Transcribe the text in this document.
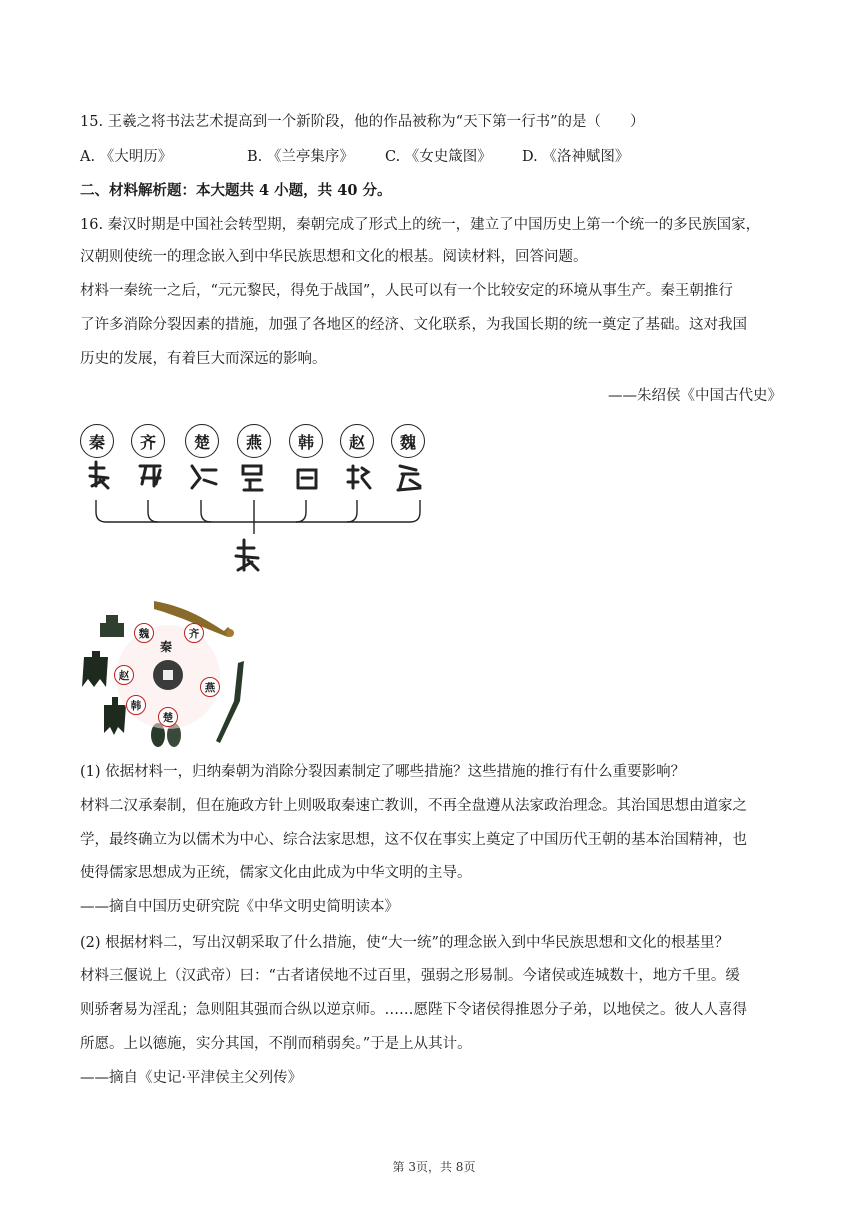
15. 王羲之将书法艺术提高到一个新阶段，他的作品被称为“天下第一行书”的是（　　）
A. 《大明历》	B. 《兰亭集序》 C. 《女史箴图》 D. 《洛神赋图》
二、材料解析题：本大题共 4 小题，共 40 分。
16. 秦汉时期是中国社会转型期，秦朝完成了形式上的统一，建立了中国历史上第一个统一的多民族国家，
汉朝则使统一的理念嵌入到中华民族思想和文化的根基。阅读材料，回答问题。
材料一秦统一之后，“元元黎民，得免于战国”，人民可以有一个比较安定的环境从事生产。秦王朝推行
了许多消除分裂因素的措施，加强了各地区的经济、文化联系，为我国长期的统一奠定了基础。这对我国
历史的发展，有着巨大而深远的影响。
——朱绍侯《中国古代史》
秦	齐	楚	燕	韩	赵	魏
秦
魏	齐
赵
燕
韩
楚
(1) 依据材料一，归纳秦朝为消除分裂因素制定了哪些措施？这些措施的推行有什么重要影响？
材料二汉承秦制，但在施政方针上则吸取秦速亡教训，不再全盘遵从法家政治理念。其治国思想由道家之
学，最终确立为以儒术为中心、综合法家思想，这不仅在事实上奠定了中国历代王朝的基本治国精神，也
使得儒家思想成为正统，儒家文化由此成为中华文明的主导。
——摘自中国历史研究院《中华文明史简明读本》
(2) 根据材料二，写出汉朝采取了什么措施，使“大一统”的理念嵌入到中华民族思想和文化的根基里？
材料三偃说上（汉武帝）曰：“古者诸侯地不过百里，强弱之形易制。今诸侯或连城数十，地方千里。缓
则骄奢易为淫乱；急则阻其强而合纵以逆京师。……愿陛下令诸侯得推恩分子弟，以地侯之。彼人人喜得
所愿。上以德施，实分其国，不削而稍弱矣。”于是上从其计。
——摘自《史记·平津侯主父列传》
第 3页，共 8页
